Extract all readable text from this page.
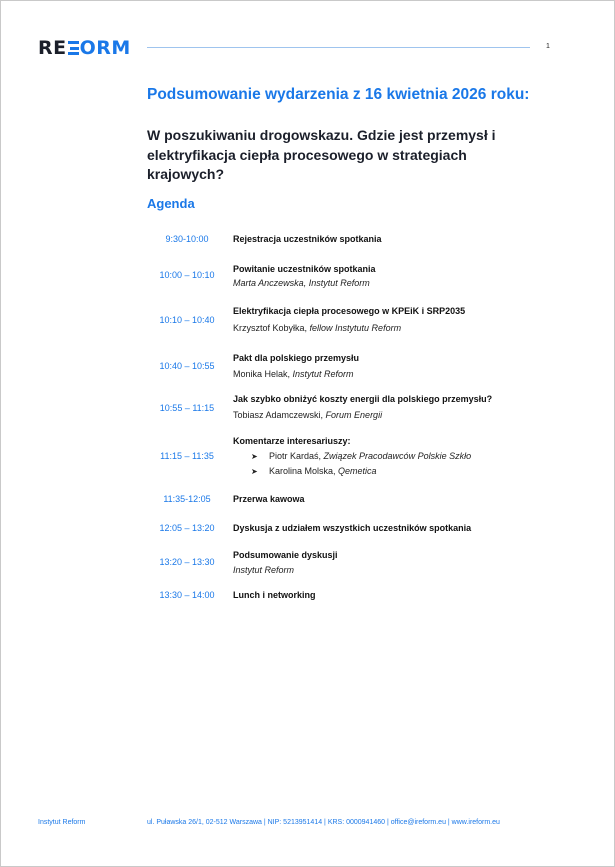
RE ORM	1
Podsumowanie wydarzenia z 16 kwietnia 2026 roku:
W poszukiwaniu drogowskazu. Gdzie jest przemysł i elektryfikacja ciepła procesowego w strategiach krajowych?
Agenda
9:30-10:00	Rejestracja uczestników spotkania
10:00 – 10:10
Powitanie uczestników spotkania
Marta Anczewska, Instytut Reform
10:10 – 10:40
Elektryfikacja ciepła procesowego w KPEiK i SRP2035
Krzysztof Kobyłka, fellow Instytutu Reform
10:40 – 10:55
Pakt dla polskiego przemysłu
Monika Helak, Instytut Reform
10:55 – 11:15
Jak szybko obniżyć koszty energii dla polskiego przemysłu?
Tobiasz Adamczewski, Forum Energii
11:15 – 11:35
Komentarze interesariuszy:
➤ Piotr Kardaś, Związek Pracodawców Polskie Szkło
➤ Karolina Molska, Qemetica
11:35-12:05	Przerwa kawowa
12:05 – 13:20	Dyskusja z udziałem wszystkich uczestników spotkania
13:20 – 13:30
Podsumowanie dyskusji
Instytut Reform
13:30 – 14:00	Lunch i networking
Instytut Reform	ul. Puławska 26/1, 02-512 Warszawa | NIP: 5213951414 | KRS: 0000941460 | office@ireform.eu | www.ireform.eu
